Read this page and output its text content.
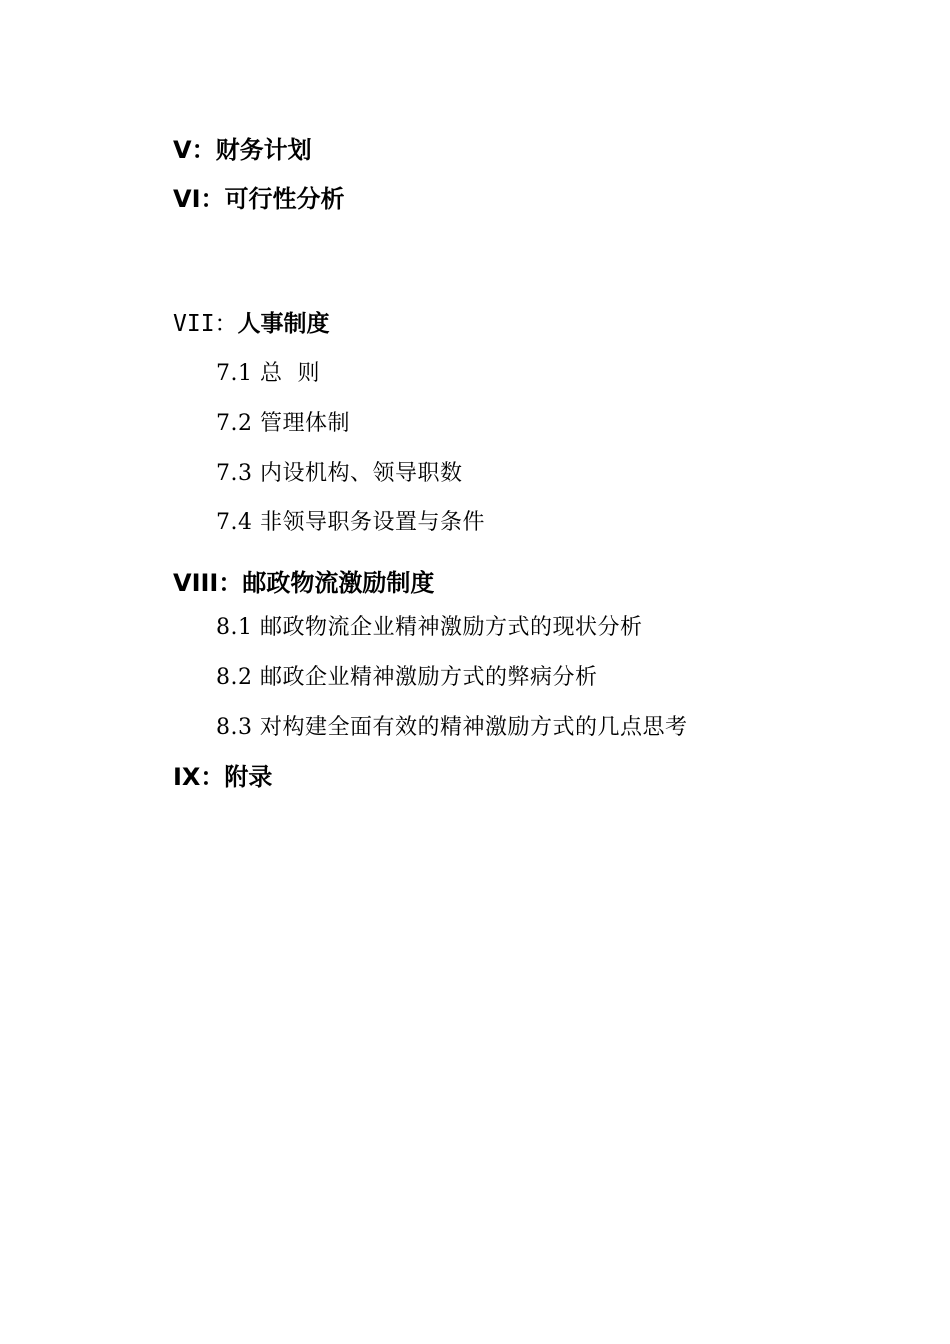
V：财务计划
VI：可行性分析
VII：人事制度
7.1 总  则
7.2 管理体制
7.3 内设机构、领导职数
7.4 非领导职务设置与条件
VIII：邮政物流激励制度
8.1 邮政物流企业精神激励方式的现状分析
8.2 邮政企业精神激励方式的弊病分析
8.3 对构建全面有效的精神激励方式的几点思考
IX：附录
